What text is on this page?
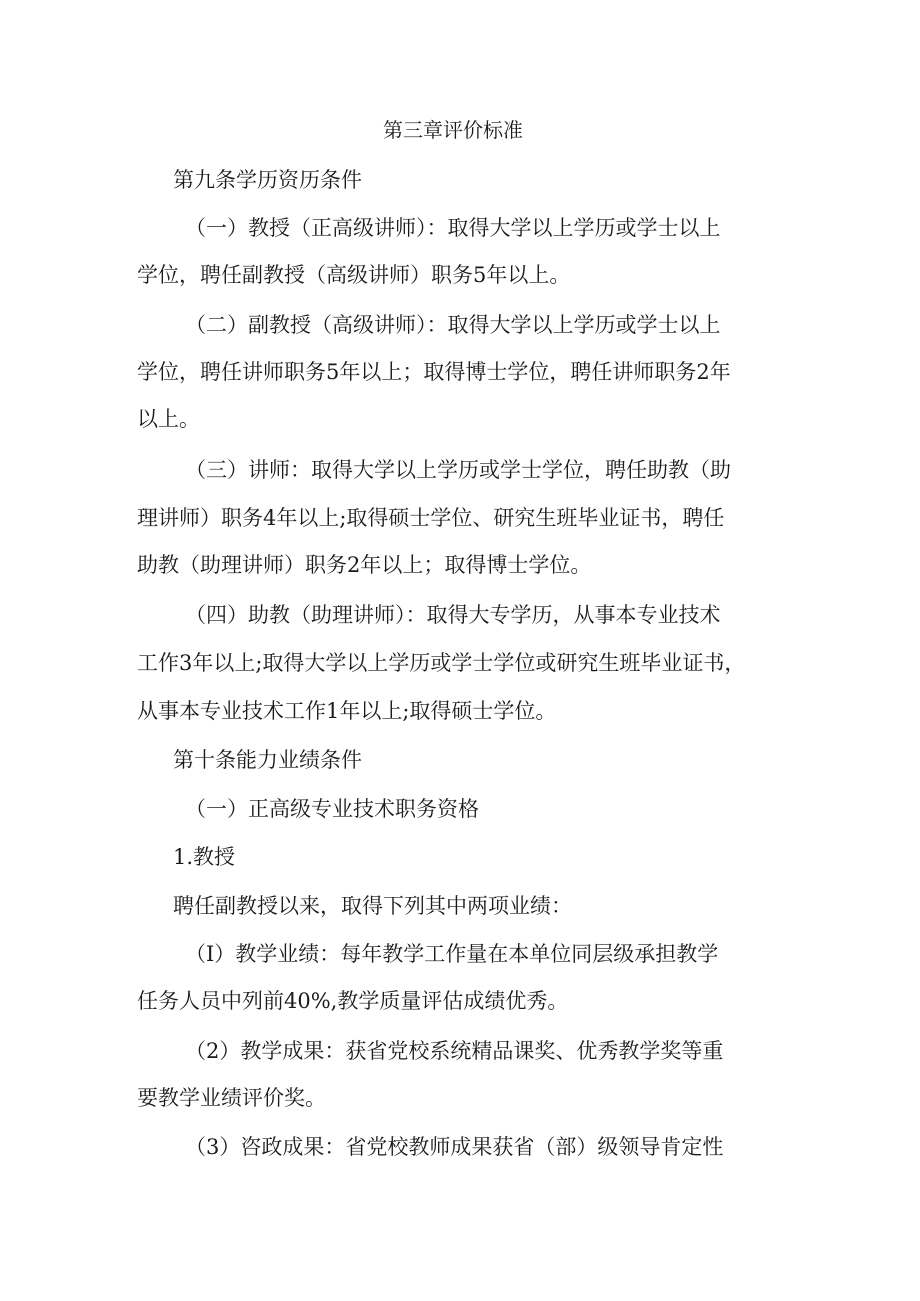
第三章评价标准

第九条学历资历条件

（一）教授（正高级讲师）：取得大学以上学历或学士以上

学位，聘任副教授（高级讲师）职务5年以上。

（二）副教授（高级讲师）：取得大学以上学历或学士以上

学位，聘任讲师职务5年以上；取得博士学位，聘任讲师职务2年

以上。

（三）讲师：取得大学以上学历或学士学位，聘任助教（助

理讲师）职务4年以上;取得硕士学位、研究生班毕业证书，聘任

助教（助理讲师）职务2年以上；取得博士学位。

（四）助教（助理讲师）：取得大专学历，从事本专业技术

工作3年以上;取得大学以上学历或学士学位或研究生班毕业证书，

从事本专业技术工作1年以上;取得硕士学位。

第十条能力业绩条件

（一）正高级专业技术职务资格

1.教授

聘任副教授以来，取得下列其中两项业绩：

（I）教学业绩：每年教学工作量在本单位同层级承担教学

任务人员中列前40%,教学质量评估成绩优秀。

（2）教学成果：获省党校系统精品课奖、优秀教学奖等重

要教学业绩评价奖。

（3）咨政成果：省党校教师成果获省（部）级领导肯定性
